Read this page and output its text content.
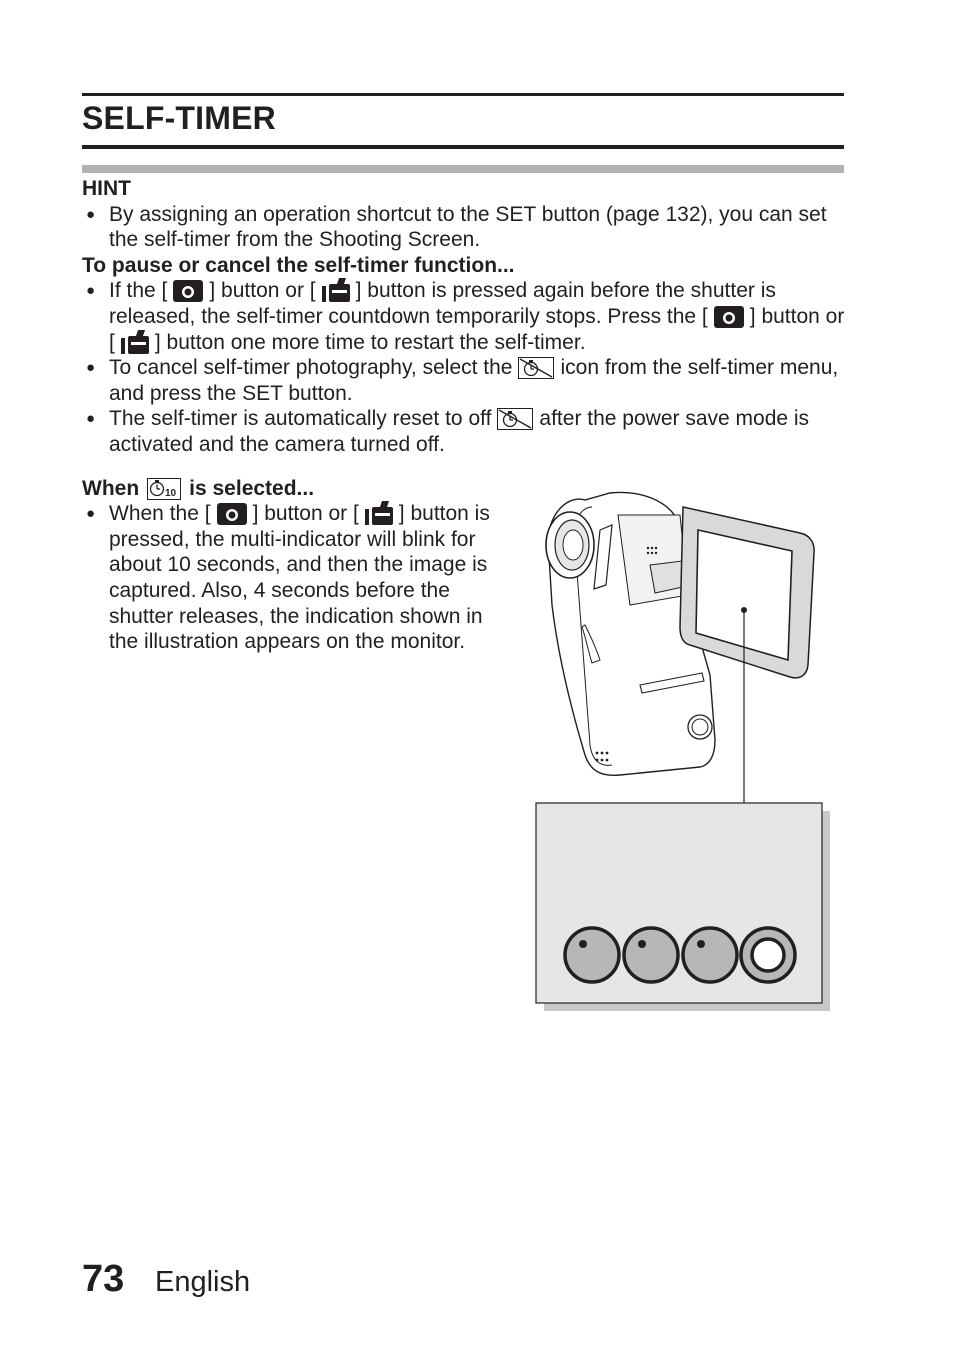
SELF-TIMER

HINT

● By assigning an operation shortcut to the SET button (page 132), you can set the self-timer from the Shooting Screen.

To pause or cancel the self-timer function...

● If the [ ] button or [ ] button is pressed again before the shutter is released, the self-timer countdown temporarily stops. Press the [ ] button or [ ] button one more time to restart the self-timer.
● To cancel self-timer photography, select the icon from the self-timer menu, and press the SET button.
● The self-timer is automatically reset to off after the power save mode is activated and the camera turned off.

When	10 is selected...

● When the [ ] button or [ ] button is pressed, the multi-indicator will blink for about 10 seconds, and then the image is captured. Also, 4 seconds before the shutter releases, the indication shown in the illustration appears on the monitor.

73 English
